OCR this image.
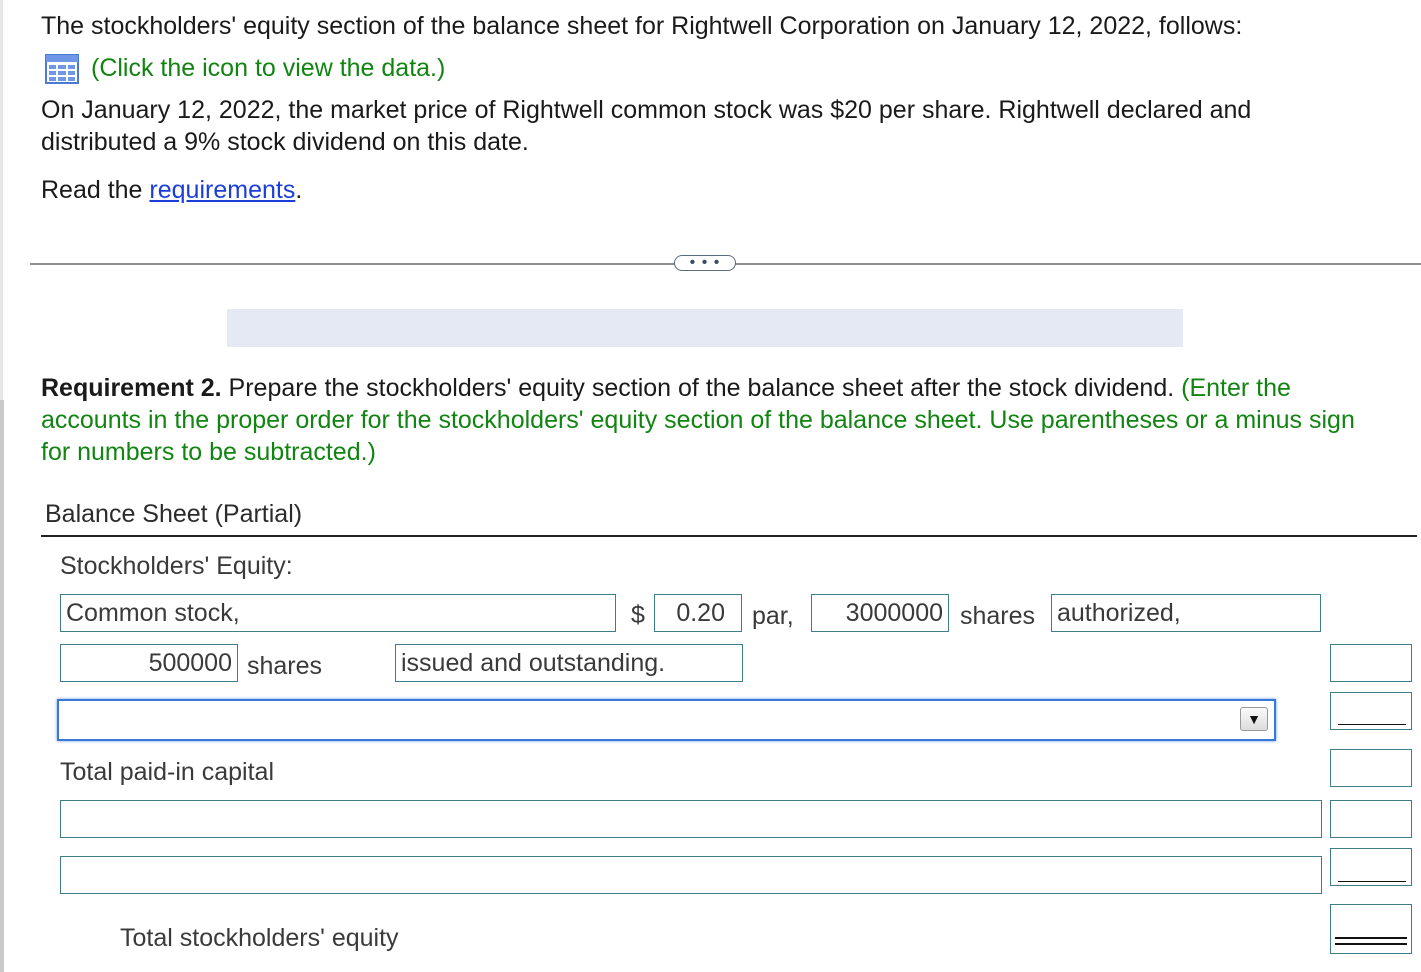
The stockholders' equity section of the balance sheet for Rightwell Corporation on January 12, 2022, follows:
(Click the icon to view the data.)
On January 12, 2022, the market price of Rightwell common stock was $20 per share. Rightwell declared and
distributed a 9% stock dividend on this date.
Read the requirements.
• • •
Requirement 2. Prepare the stockholders' equity section of the balance sheet after the stock dividend. (Enter the
accounts in the proper order for the stockholders' equity section of the balance sheet. Use parentheses or a minus sign
for numbers to be subtracted.)
Balance Sheet (Partial)
Stockholders' Equity:
Common stock,	$	0.20	par,	3000000 shares authorized,
500000 shares	issued and outstanding.
▼
Total paid-in capital
Total stockholders' equity
